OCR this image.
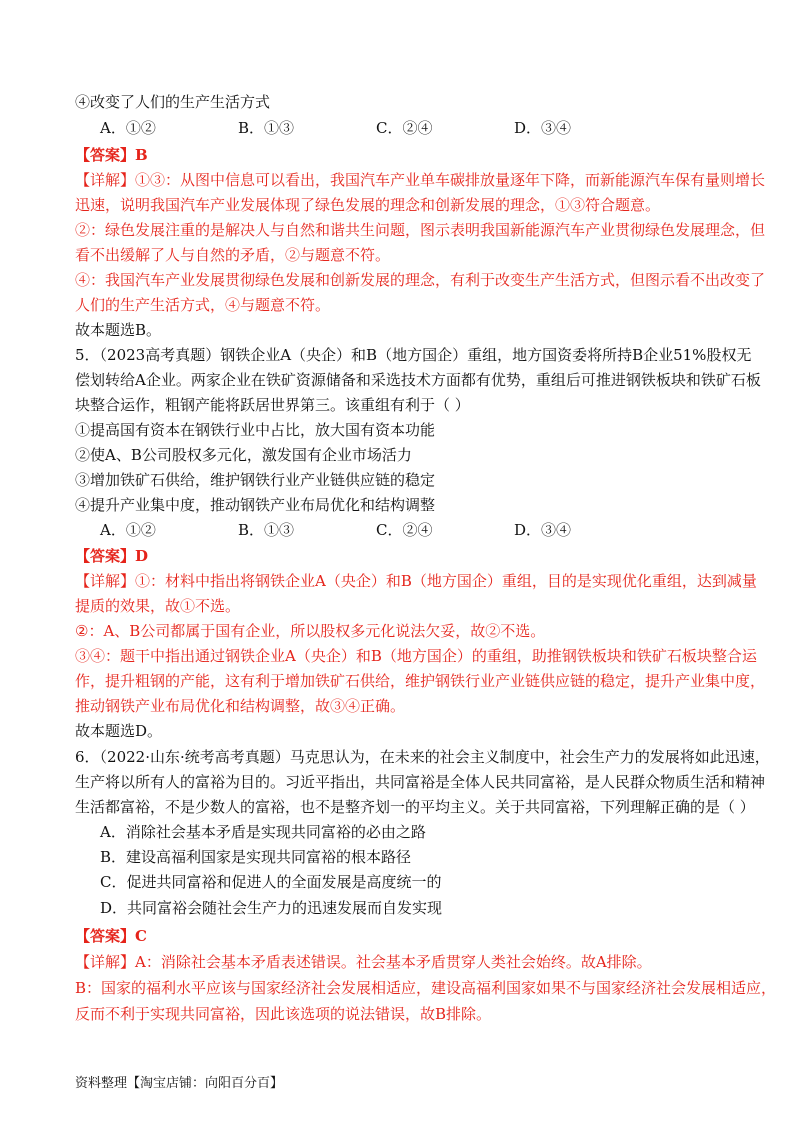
④改变了人们的生产生活方式
A．①②	B．①③	C．②④	D．③④
【答案】B
【详解】①③：从图中信息可以看出，我国汽车产业单车碳排放量逐年下降，而新能源汽车保有量则增长
迅速，说明我国汽车产业发展体现了绿色发展的理念和创新发展的理念，①③符合题意。
②：绿色发展注重的是解决人与自然和谐共生问题，图示表明我国新能源汽车产业贯彻绿色发展理念，但
看不出缓解了人与自然的矛盾，②与题意不符。
④：我国汽车产业发展贯彻绿色发展和创新发展的理念，有利于改变生产生活方式，但图示看不出改变了
人们的生产生活方式，④与题意不符。
故本题选B。
5．（2023高考真题）钢铁企业A（央企）和B（地方国企）重组，地方国资委将所持B企业51%股权无
偿划转给A企业。两家企业在铁矿资源储备和采选技术方面都有优势，重组后可推进钢铁板块和铁矿石板
块整合运作，粗钢产能将跃居世界第三。该重组有利于（ ）
①提高国有资本在钢铁行业中占比，放大国有资本功能
②使A、B公司股权多元化，激发国有企业市场活力
③增加铁矿石供给，维护钢铁行业产业链供应链的稳定
④提升产业集中度，推动钢铁产业布局优化和结构调整
A．①②	B．①③	C．②④	D．③④
【答案】D
【详解】①：材料中指出将钢铁企业A（央企）和B（地方国企）重组，目的是实现优化重组，达到减量
提质的效果，故①不选。
②：A、B公司都属于国有企业，所以股权多元化说法欠妥，故②不选。
③④：题干中指出通过钢铁企业A（央企）和B（地方国企）的重组，助推钢铁板块和铁矿石板块整合运
作，提升粗钢的产能，这有利于增加铁矿石供给，维护钢铁行业产业链供应链的稳定，提升产业集中度，
推动钢铁产业布局优化和结构调整，故③④正确。
故本题选D。
6．（2022·山东·统考高考真题）马克思认为，在未来的社会主义制度中，社会生产力的发展将如此迅速，
生产将以所有人的富裕为目的。习近平指出，共同富裕是全体人民共同富裕，是人民群众物质生活和精神
生活都富裕，不是少数人的富裕，也不是整齐划一的平均主义。关于共同富裕，下列理解正确的是（ ）
A．消除社会基本矛盾是实现共同富裕的必由之路
B．建设高福利国家是实现共同富裕的根本路径
C．促进共同富裕和促进人的全面发展是高度统一的
D．共同富裕会随社会生产力的迅速发展而自发实现
【答案】C
【详解】A：消除社会基本矛盾表述错误。社会基本矛盾贯穿人类社会始终。故A排除。
B：国家的福利水平应该与国家经济社会发展相适应，建设高福利国家如果不与国家经济社会发展相适应，
反而不利于实现共同富裕，因此该选项的说法错误，故B排除。
资料整理【淘宝店铺：向阳百分百】
